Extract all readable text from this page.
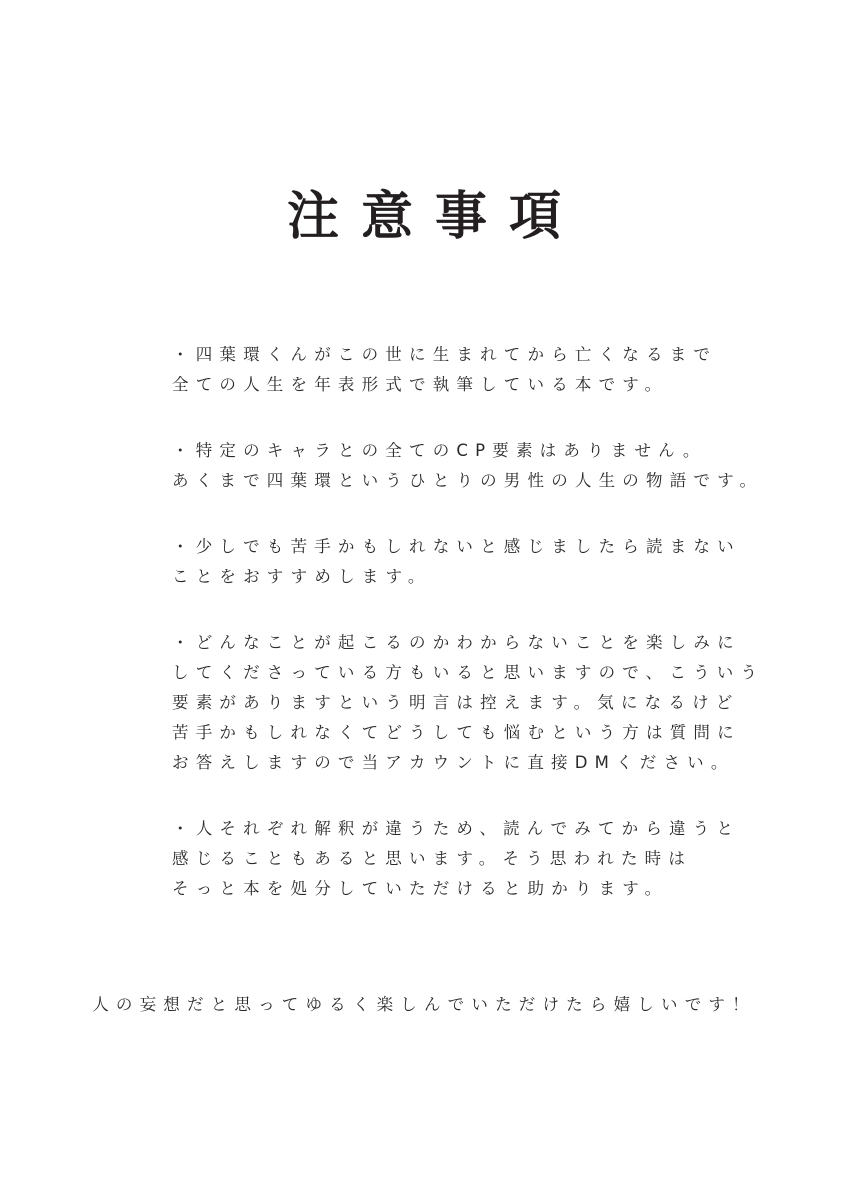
注意事項
・四葉環くんがこの世に生まれてから亡くなるまで
全ての人生を年表形式で執筆している本です。
・特定のキャラとの全てのCP要素はありません。
あくまで四葉環というひとりの男性の人生の物語です。
・少しでも苦手かもしれないと感じましたら読まない
ことをおすすめします。
・どんなことが起こるのかわからないことを楽しみに
してくださっている方もいると思いますので、こういう
要素がありますという明言は控えます。気になるけど
苦手かもしれなくてどうしても悩むという方は質問に
お答えしますので当アカウントに直接DMください。
・人それぞれ解釈が違うため、読んでみてから違うと
感じることもあると思います。そう思われた時は
そっと本を処分していただけると助かります。
人の妄想だと思ってゆるく楽しんでいただけたら嬉しいです！
